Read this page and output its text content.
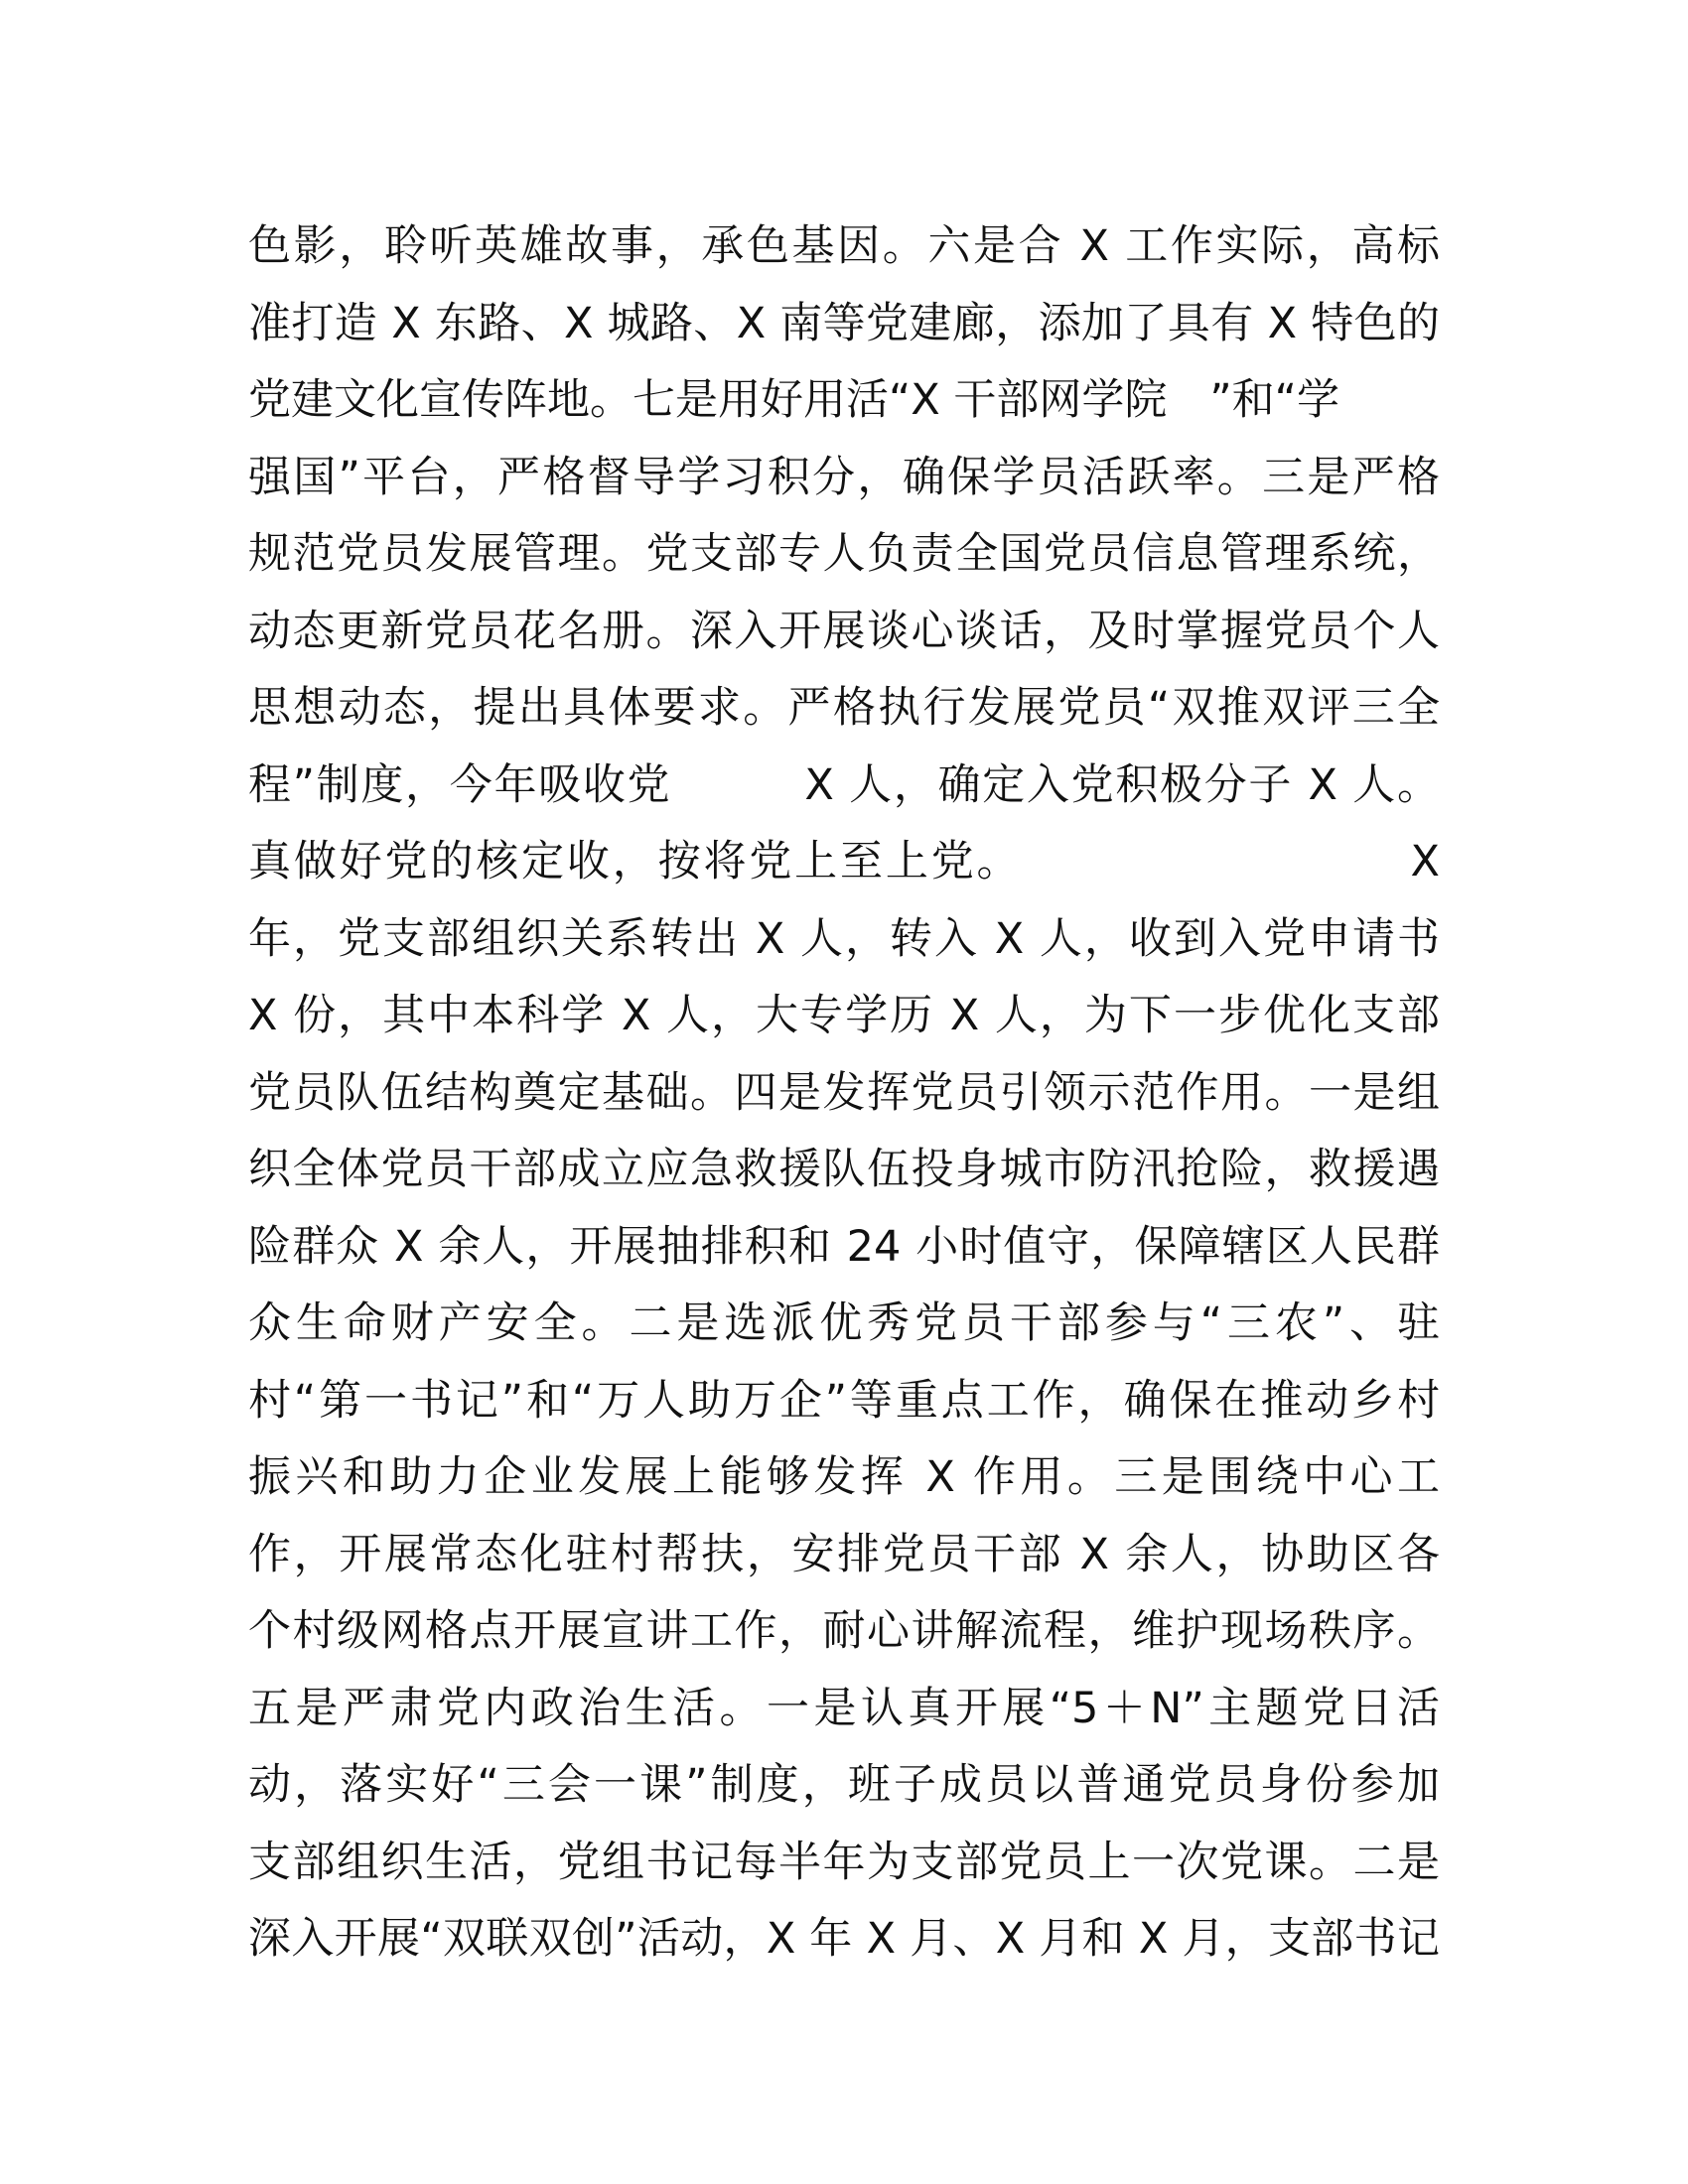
色影，聆听英雄故事，承色基因。六是合 X 工作实际，高标
准打造 X 东路、X 城路、X 南等党建廊，添加了具有 X 特色的
党建文化宣传阵地。七是用好用活“X 干部网学院　”和“学
强国”平台，严格督导学习积分，确保学员活跃率。三是严格
规范党员发展管理。党支部专人负责全国党员信息管理系统，
动态更新党员花名册。深入开展谈心谈话，及时掌握党员个人
思想动态，提出具体要求。严格执行发展党员“双推双评三全
程”制度，今年吸收党　　　X 人，确定入党积极分子 X 人。
真做好党的核定收，按将党上至上党。　　　　　　　　　X
年，党支部组织关系转出 X 人，转入 X 人，收到入党申请书
X 份，其中本科学 X 人，大专学历 X 人，为下一步优化支部
党员队伍结构奠定基础。四是发挥党员引领示范作用。一是组
织全体党员干部成立应急救援队伍投身城市防汛抢险，救援遇
险群众 X 余人，开展抽排积和 24 小时值守，保障辖区人民群
众生命财产安全。二是选派优秀党员干部参与“三农”、驻
村“第一书记”和“万人助万企”等重点工作，确保在推动乡村
振兴和助力企业发展上能够发挥 X 作用。三是围绕中心工
作，开展常态化驻村帮扶，安排党员干部 X 余人，协助区各
个村级网格点开展宣讲工作，耐心讲解流程，维护现场秩序。
五是严肃党内政治生活。一是认真开展“5＋N”主题党日活
动，落实好“三会一课”制度，班子成员以普通党员身份参加
支部组织生活，党组书记每半年为支部党员上一次党课。二是
深入开展“双联双创”活动，X 年 X 月、X 月和 X 月，支部书记
